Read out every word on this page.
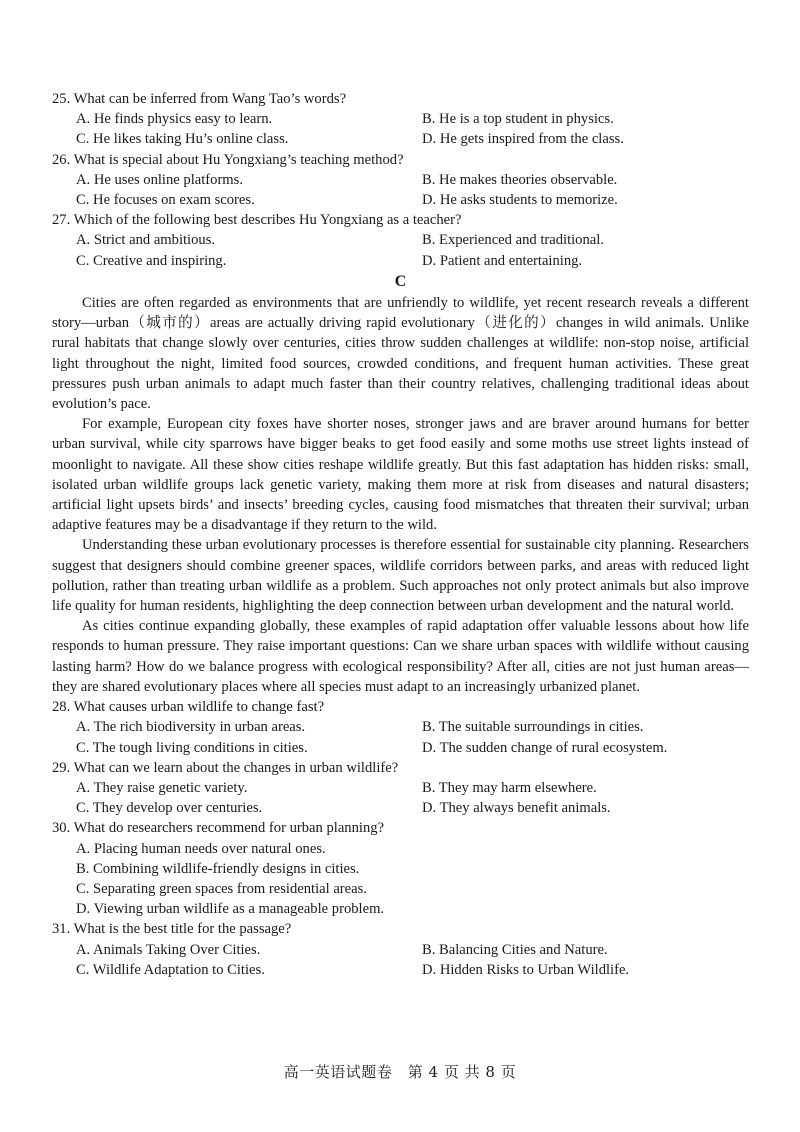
25. What can be inferred from Wang Tao’s words?

A. He finds physics easy to learn.	B. He is a top student in physics.
C. He likes taking Hu’s online class.	D. He gets inspired from the class.

26. What is special about Hu Yongxiang’s teaching method?

A. He uses online platforms.	B. He makes theories observable.
C. He focuses on exam scores.	D. He asks students to memorize.

27. Which of the following best describes Hu Yongxiang as a teacher?

A. Strict and ambitious.	B. Experienced and traditional.
C. Creative and inspiring.	D. Patient and entertaining.
C

Cities are often regarded as environments that are unfriendly to wildlife, yet recent research reveals a different story—urban（城市的）areas are actually driving rapid evolutionary（进化的）changes in wild animals. Unlike rural habitats that change slowly over centuries, cities throw sudden challenges at wildlife: non-stop noise, artificial light throughout the night, limited food sources, crowded conditions, and frequent human activities. These great pressures push urban animals to adapt much faster than their country relatives, challenging traditional ideas about evolution’s pace.

For example, European city foxes have shorter noses, stronger jaws and are braver around humans for better urban survival, while city sparrows have bigger beaks to get food easily and some moths use street lights instead of moonlight to navigate. All these show cities reshape wildlife greatly. But this fast adaptation has hidden risks: small, isolated urban wildlife groups lack genetic variety, making them more at risk from diseases and natural disasters; artificial light upsets birds’ and insects’ breeding cycles, causing food mismatches that threaten their survival; urban adaptive features may be a disadvantage if they return to the wild.

Understanding these urban evolutionary processes is therefore essential for sustainable city planning. Researchers suggest that designers should combine greener spaces, wildlife corridors between parks, and areas with reduced light pollution, rather than treating urban wildlife as a problem. Such approaches not only protect animals but also improve life quality for human residents, highlighting the deep connection between urban development and the natural world.

As cities continue expanding globally, these examples of rapid adaptation offer valuable lessons about how life responds to human pressure. They raise important questions: Can we share urban spaces with wildlife without causing lasting harm? How do we balance progress with ecological responsibility? After all, cities are not just human areas—they are shared evolutionary places where all species must adapt to an increasingly urbanized planet.

28. What causes urban wildlife to change fast?

A. The rich biodiversity in urban areas.	B. The suitable surroundings in cities.
C. The tough living conditions in cities.	D. The sudden change of rural ecosystem.

29. What can we learn about the changes in urban wildlife?

A. They raise genetic variety.	B. They may harm elsewhere.
C. They develop over centuries.	D. They always benefit animals.

30. What do researchers recommend for urban planning?

A. Placing human needs over natural ones.

B. Combining wildlife-friendly designs in cities.

C. Separating green spaces from residential areas.

D. Viewing urban wildlife as a manageable problem.

31. What is the best title for the passage?

A. Animals Taking Over Cities.	B. Balancing Cities and Nature.
C. Wildlife Adaptation to Cities.	D. Hidden Risks to Urban Wildlife.
高一英语试题卷　第 4 页 共 8 页
